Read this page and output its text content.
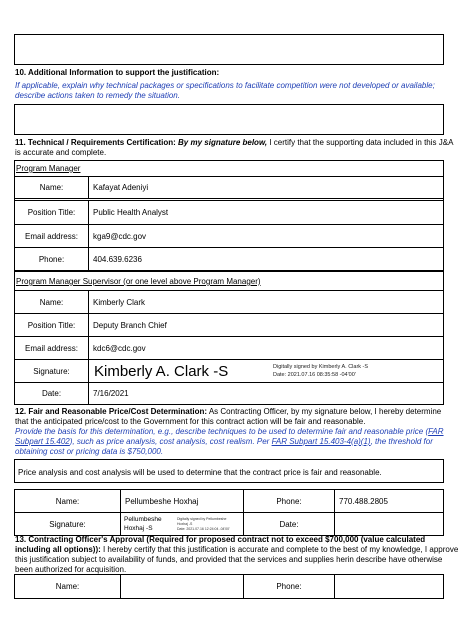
10. Additional Information to support the justification:
If applicable, explain why technical packages or specifications to facilitate competition were not developed or available; describe actions taken to remedy the situation.
11. Technical / Requirements Certification: By my signature below, I certify that the supporting data included in this J&A is accurate and complete.
Program Manager
Name:	Kafayat Adeniyi
Position Title:	Public Health Analyst
Email address:	kga9@cdc.gov
Phone:	404.639.6236
Program Manager Supervisor (or one level above Program Manager)
Name:	Kimberly Clark
Position Title:	Deputy Branch Chief
Email address:	kdc6@cdc.gov
Signature:	Kimberly A. Clark -S	Digitally signed by Kimberly A. Clark -S
Date: 2021.07.16 08:35:58 -04'00'
Date:	7/16/2021
12. Fair and Reasonable Price/Cost Determination: As Contracting Officer, by my signature below, I hereby determine that the anticipated price/cost to the Government for this contract action will be fair and reasonable.
Provide the basis for this determination, e.g., describe techniques to be used to determine fair and reasonable price (FAR Subpart 15.402), such as price analysis, cost analysis, cost realism. Per FAR Subpart 15.403-4(a)(1), the threshold for obtaining cost or pricing data is $750,000.
Price analysis and cost analysis will be used to determine that the contract price is fair and reasonable.
Name:	Pellumbeshe Hoxhaj	Phone:	770.488.2805
Signature:	Pellumbeshe
Hoxhaj -S
Digitally signed by Pellumbeshe
Hoxhaj -S
Date: 2021.07.16 12:24:04 -04'00'
Date:
13. Contracting Officer's Approval (Required for proposed contract not to exceed $700,000 (value calculated including all options)): I hereby certify that this justification is accurate and complete to the best of my knowledge, I approve this justification subject to availability of funds, and provided that the services and supplies herin describe have otherwise been authorized for acquisition.
Name:	Phone:
